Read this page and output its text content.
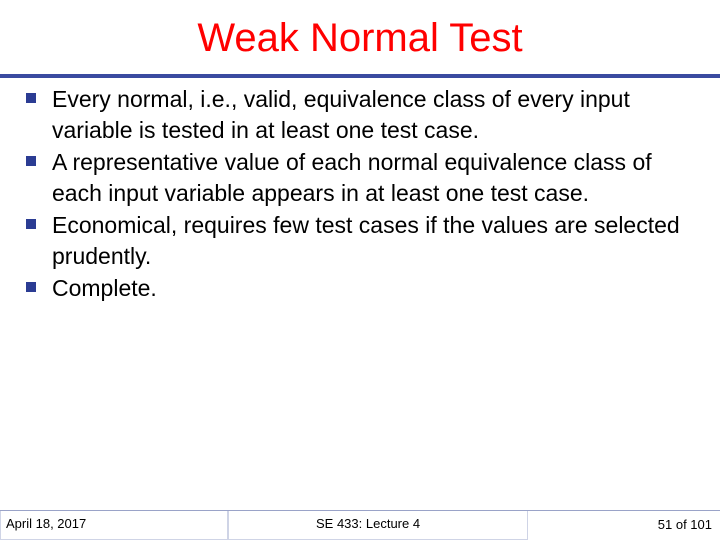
Weak Normal Test
Every normal, i.e., valid, equivalence class of every input variable is tested in at least one test case.
A representative value of each normal equivalence class of each input variable appears in at least one test case.
Economical, requires few test cases if the values are selected prudently.
Complete.
April 18, 2017	SE 433: Lecture 4	51 of 101
